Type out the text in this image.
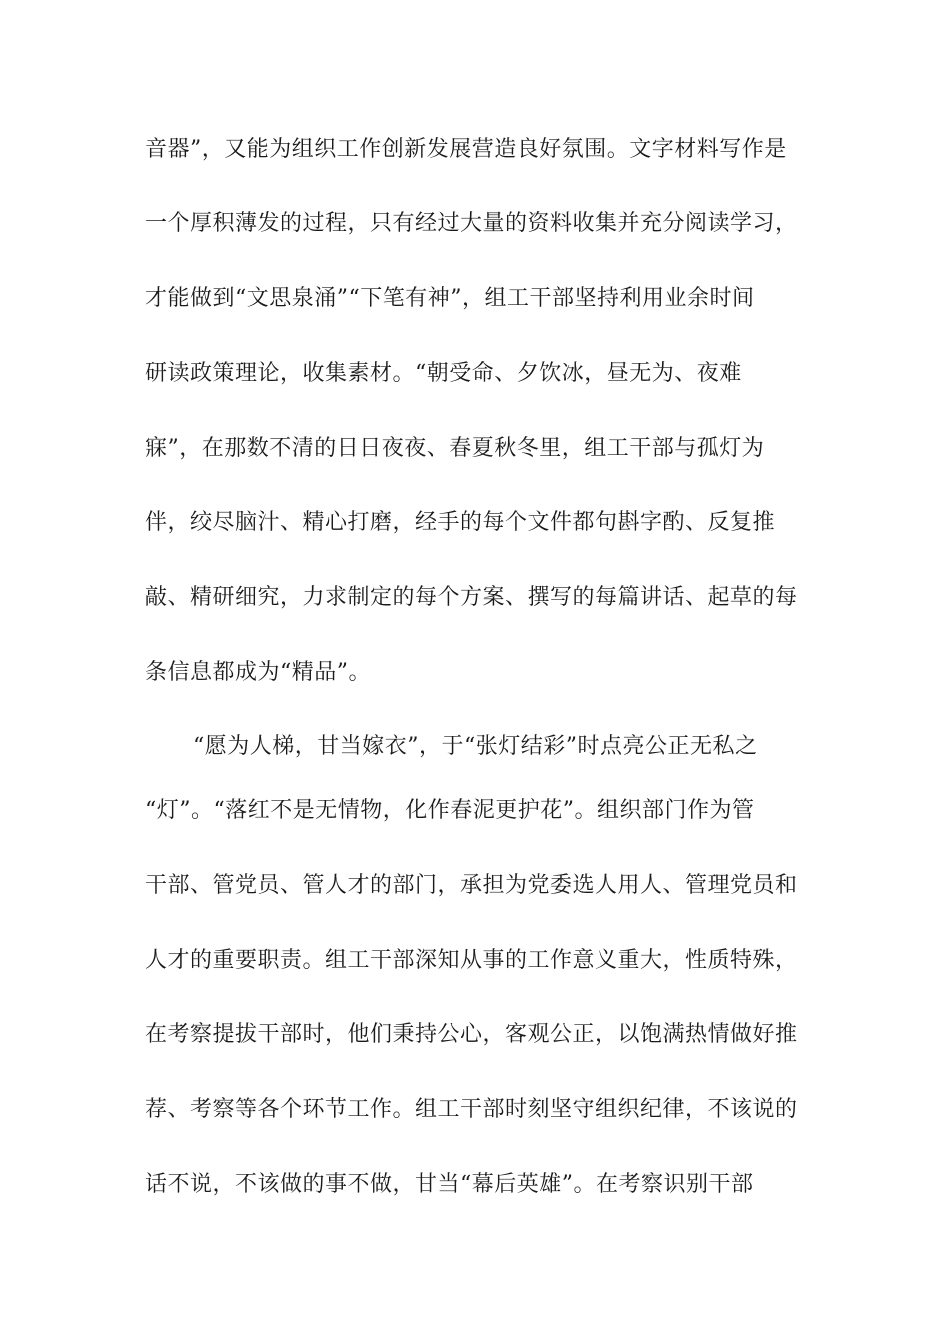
音器”，又能为组织工作创新发展营造良好氛围。文字材料写作是
一个厚积薄发的过程，只有经过大量的资料收集并充分阅读学习，
才能做到“文思泉涌”“下笔有神”，组工干部坚持利用业余时间
研读政策理论，收集素材。“朝受命、夕饮冰，昼无为、夜难
寐”，在那数不清的日日夜夜、春夏秋冬里，组工干部与孤灯为
伴，绞尽脑汁、精心打磨，经手的每个文件都句斟字酌、反复推
敲、精研细究，力求制定的每个方案、撰写的每篇讲话、起草的每
条信息都成为“精品”。
“愿为人梯，甘当嫁衣”，于“张灯结彩”时点亮公正无私之
“灯”。“落红不是无情物，化作春泥更护花”。组织部门作为管
干部、管党员、管人才的部门，承担为党委选人用人、管理党员和
人才的重要职责。组工干部深知从事的工作意义重大，性质特殊，
在考察提拔干部时，他们秉持公心，客观公正，以饱满热情做好推
荐、考察等各个环节工作。组工干部时刻坚守组织纪律，不该说的
话不说，不该做的事不做，甘当“幕后英雄”。在考察识别干部
